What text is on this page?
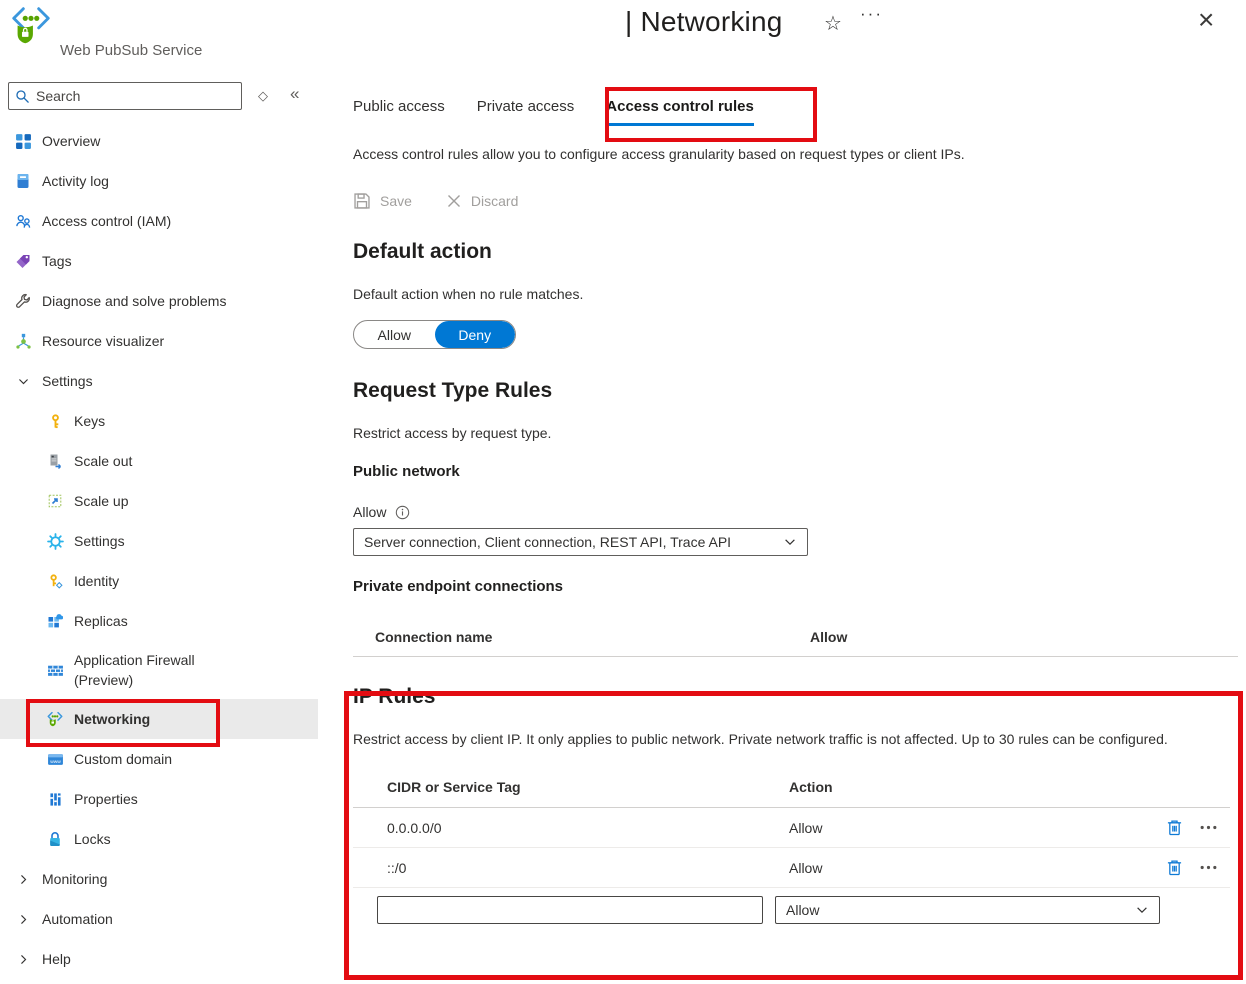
Web PubSub Service
| Networking ☆ ···	×
Search
◇ «
Overview
Activity log
Access control (IAM)
Tags
Diagnose and solve problems
Resource visualizer
Settings
Keys
Scale out
Scale up
Settings
Identity
Replicas
Application Firewall (Preview)
Networking
www Custom domain
Properties
Locks
Monitoring
Automation
Help
Public access Private access Access control rules
Access control rules allow you to configure access granularity based on request types or client IPs.
Save	Discard
Default action
Default action when no rule matches.
Allow	Deny
Request Type Rules
Restrict access by request type.
Public network
Allow
Server connection, Client connection, REST API, Trace API
Private endpoint connections
Connection name	Allow
IP Rules
Restrict access by client IP. It only applies to public network. Private network traffic is not affected. Up to 30 rules can be configured.
CIDR or Service Tag	Action
0.0.0.0/0	Allow
::/0	Allow
Allow
